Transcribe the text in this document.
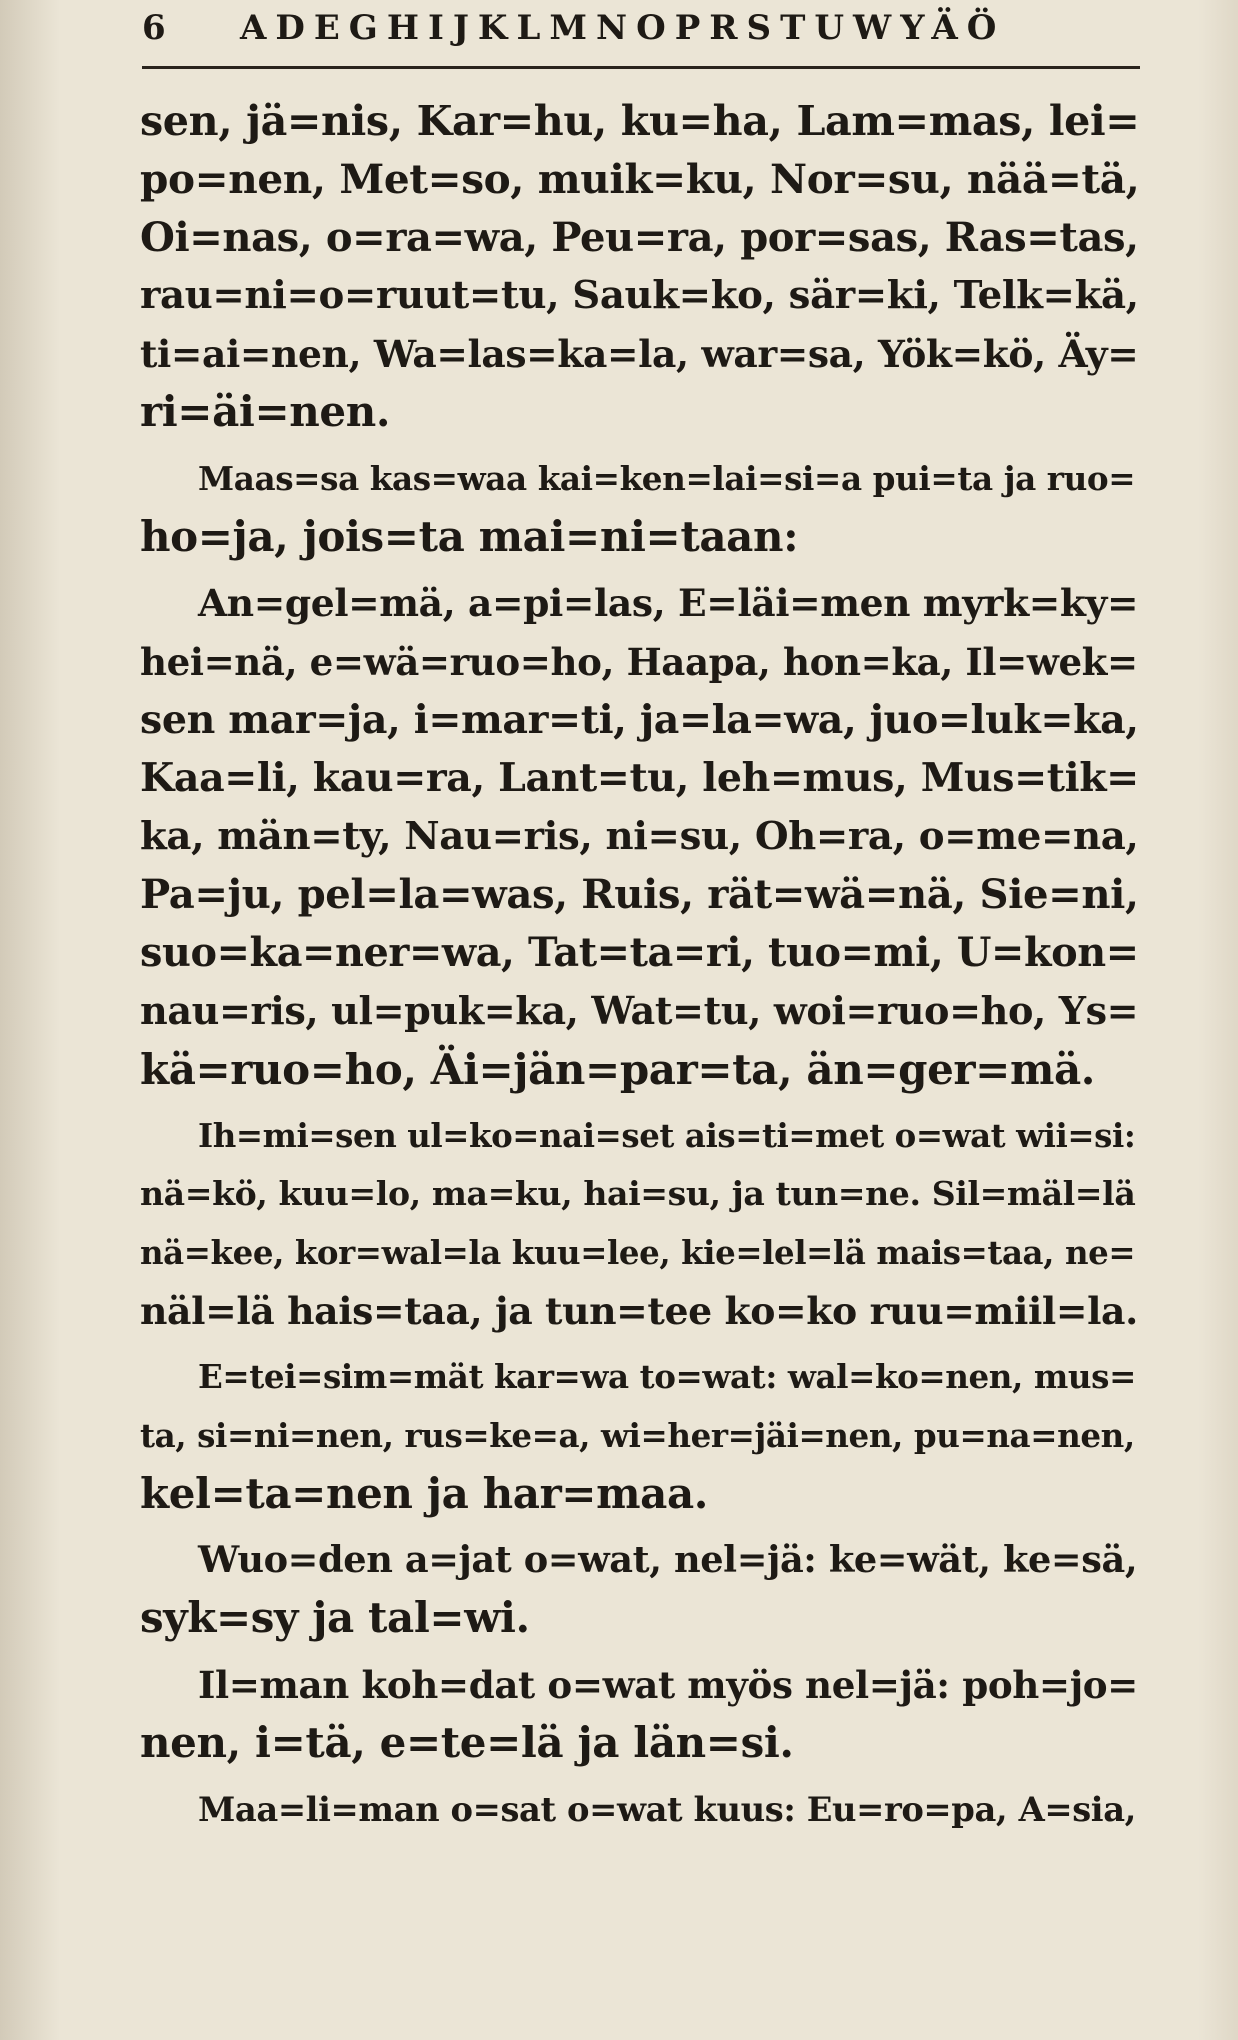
6 ADEGHIJKLMNOPRSTUWYÄÖ
sen, jä=nis, Kar=hu, ku=ha, Lam=mas, lei=
po=nen, Met=so, muik=ku, Nor=su, nää=tä,
Oi=nas, o=ra=wa, Peu=ra, por=sas, Ras=tas,
rau=ni=o=ruut=tu, Sauk=ko, sär=ki, Telk=kä,
ti=ai=nen, Wa=las=ka=la, war=sa, Yök=kö, Äy=
ri=äi=nen.
Maas=sa kas=waa kai=ken=lai=si=a pui=ta ja ruo=
ho=ja, jois=ta mai=ni=taan:
An=gel=mä, a=pi=las, E=läi=men myrk=ky=
hei=nä, e=wä=ruo=ho, Haapa, hon=ka, Il=wek=
sen mar=ja, i=mar=ti, ja=la=wa, juo=luk=ka,
Kaa=li, kau=ra, Lant=tu, leh=mus, Mus=tik=
ka, män=ty, Nau=ris, ni=su, Oh=ra, o=me=na,
Pa=ju, pel=la=was, Ruis, rät=wä=nä, Sie=ni,
suo=ka=ner=wa, Tat=ta=ri, tuo=mi, U=kon=
nau=ris, ul=puk=ka, Wat=tu, woi=ruo=ho, Ys=
kä=ruo=ho, Äi=jän=par=ta, än=ger=mä.
Ih=mi=sen ul=ko=nai=set ais=ti=met o=wat wii=si:
nä=kö, kuu=lo, ma=ku, hai=su, ja tun=ne. Sil=mäl=lä
nä=kee, kor=wal=la kuu=lee, kie=lel=lä mais=taa, ne=
näl=lä hais=taa, ja tun=tee ko=ko ruu=miil=la.
E=tei=sim=mät kar=wa to=wat: wal=ko=nen, mus=
ta, si=ni=nen, rus=ke=a, wi=her=jäi=nen, pu=na=nen,
kel=ta=nen ja har=maa.
Wuo=den a=jat o=wat, nel=jä: ke=wät, ke=sä,
syk=sy ja tal=wi.
Il=man koh=dat o=wat myös nel=jä: poh=jo=
nen, i=tä, e=te=lä ja län=si.
Maa=li=man o=sat o=wat kuus: Eu=ro=pa, A=sia,
